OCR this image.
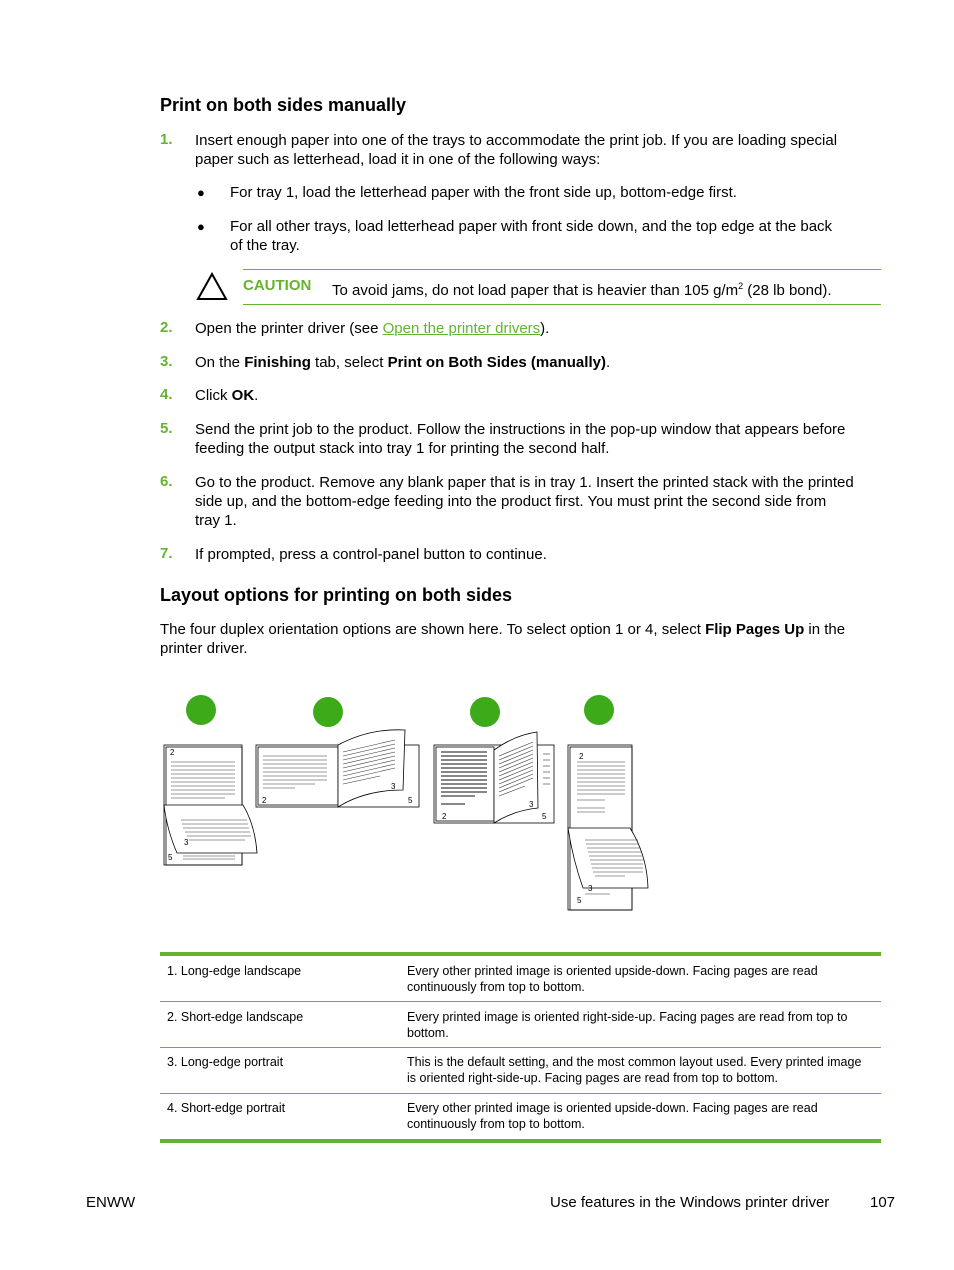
Print on both sides manually
1. Insert enough paper into one of the trays to accommodate the print job. If you are loading special
paper such as letterhead, load it in one of the following ways:
● For tray 1, load the letterhead paper with the front side up, bottom-edge first.
● For all other trays, load letterhead paper with front side down, and the top edge at the back
of the tray.
CAUTION To avoid jams, do not load paper that is heavier than 105 $g/m^2$ (28 lb bond).
2. Open the printer driver (see Open the printer drivers).
3. On the Finishing tab, select Print on Both Sides (manually).
4. Click OK.
5. Send the print job to the product. Follow the instructions in the pop-up window that appears before
feeding the output stack into tray 1 for printing the second half.
6. Go to the product. Remove any blank paper that is in tray 1. Insert the printed stack with the printed
side up, and the bottom-edge feeding into the product first. You must print the second side from
tray 1.
7. If prompted, press a control-panel button to continue.
Layout options for printing on both sides
The four duplex orientation options are shown here. To select option 1 or 4, select Flip Pages Up in the
printer driver.
2
3
5
2
3
5
2
3
5
2
3
5
1. Long-edge landscape	Every other printed image is oriented upside-down. Facing pages are read
continuously from top to bottom.
2. Short-edge landscape	Every printed image is oriented right-side-up. Facing pages are read from top to
bottom.
3. Long-edge portrait	This is the default setting, and the most common layout used. Every printed image
is oriented right-side-up. Facing pages are read from top to bottom.
4. Short-edge portrait	Every other printed image is oriented upside-down. Facing pages are read
continuously from top to bottom.
ENWW	Use features in the Windows printer driver	107
